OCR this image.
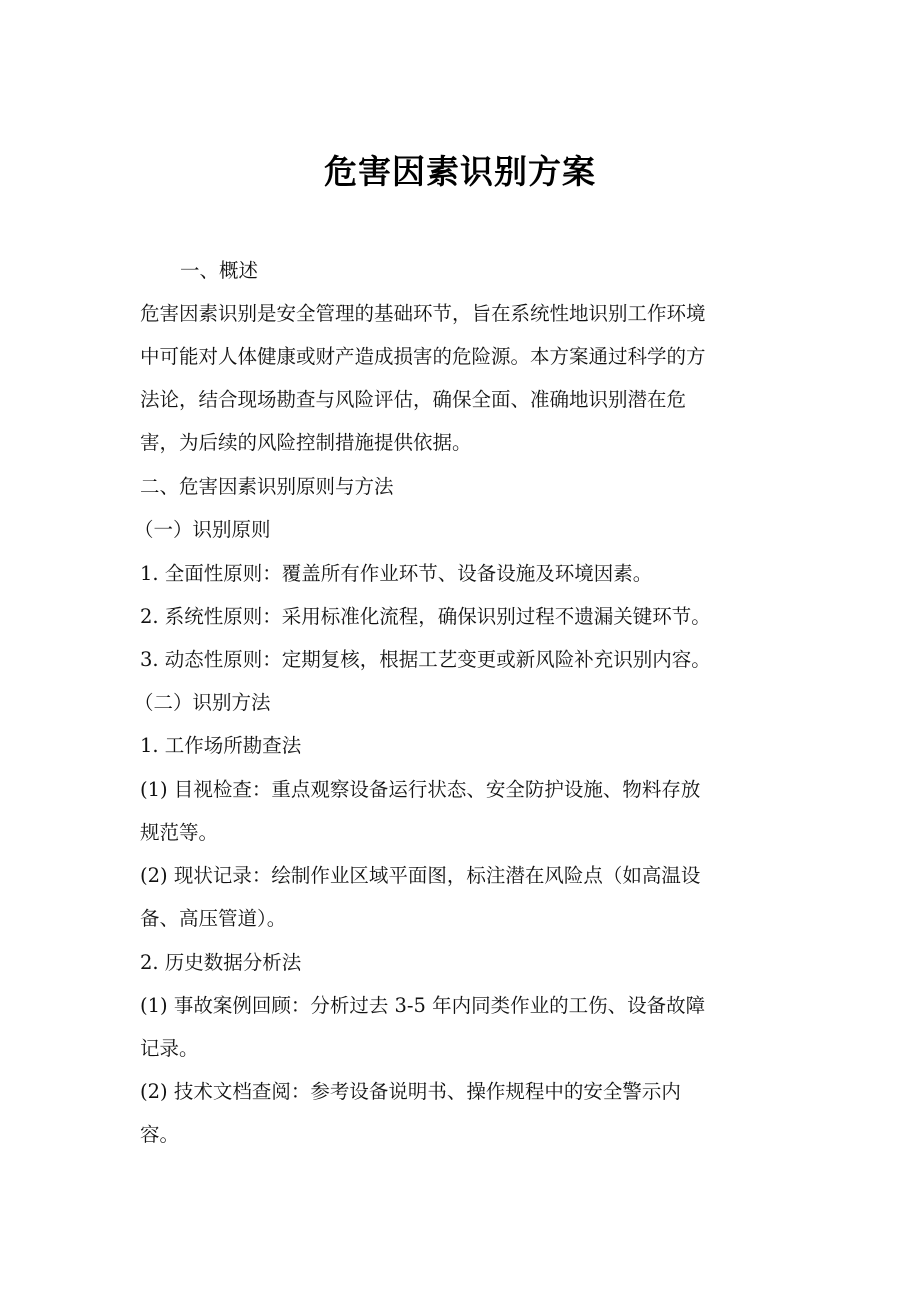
危害因素识别方案
一、概述
危害因素识别是安全管理的基础环节，旨在系统性地识别工作环境
中可能对人体健康或财产造成损害的危险源。本方案通过科学的方
法论，结合现场勘查与风险评估，确保全面、准确地识别潜在危
害，为后续的风险控制措施提供依据。
二、危害因素识别原则与方法
（一）识别原则
1. 全面性原则：覆盖所有作业环节、设备设施及环境因素。
2. 系统性原则：采用标准化流程，确保识别过程不遗漏关键环节。
3. 动态性原则：定期复核，根据工艺变更或新风险补充识别内容。
（二）识别方法
1. 工作场所勘查法
(1) 目视检查：重点观察设备运行状态、安全防护设施、物料存放
规范等。
(2) 现状记录：绘制作业区域平面图，标注潜在风险点（如高温设
备、高压管道）。
2. 历史数据分析法
(1) 事故案例回顾：分析过去 3-5 年内同类作业的工伤、设备故障
记录。
(2) 技术文档查阅：参考设备说明书、操作规程中的安全警示内
容。
